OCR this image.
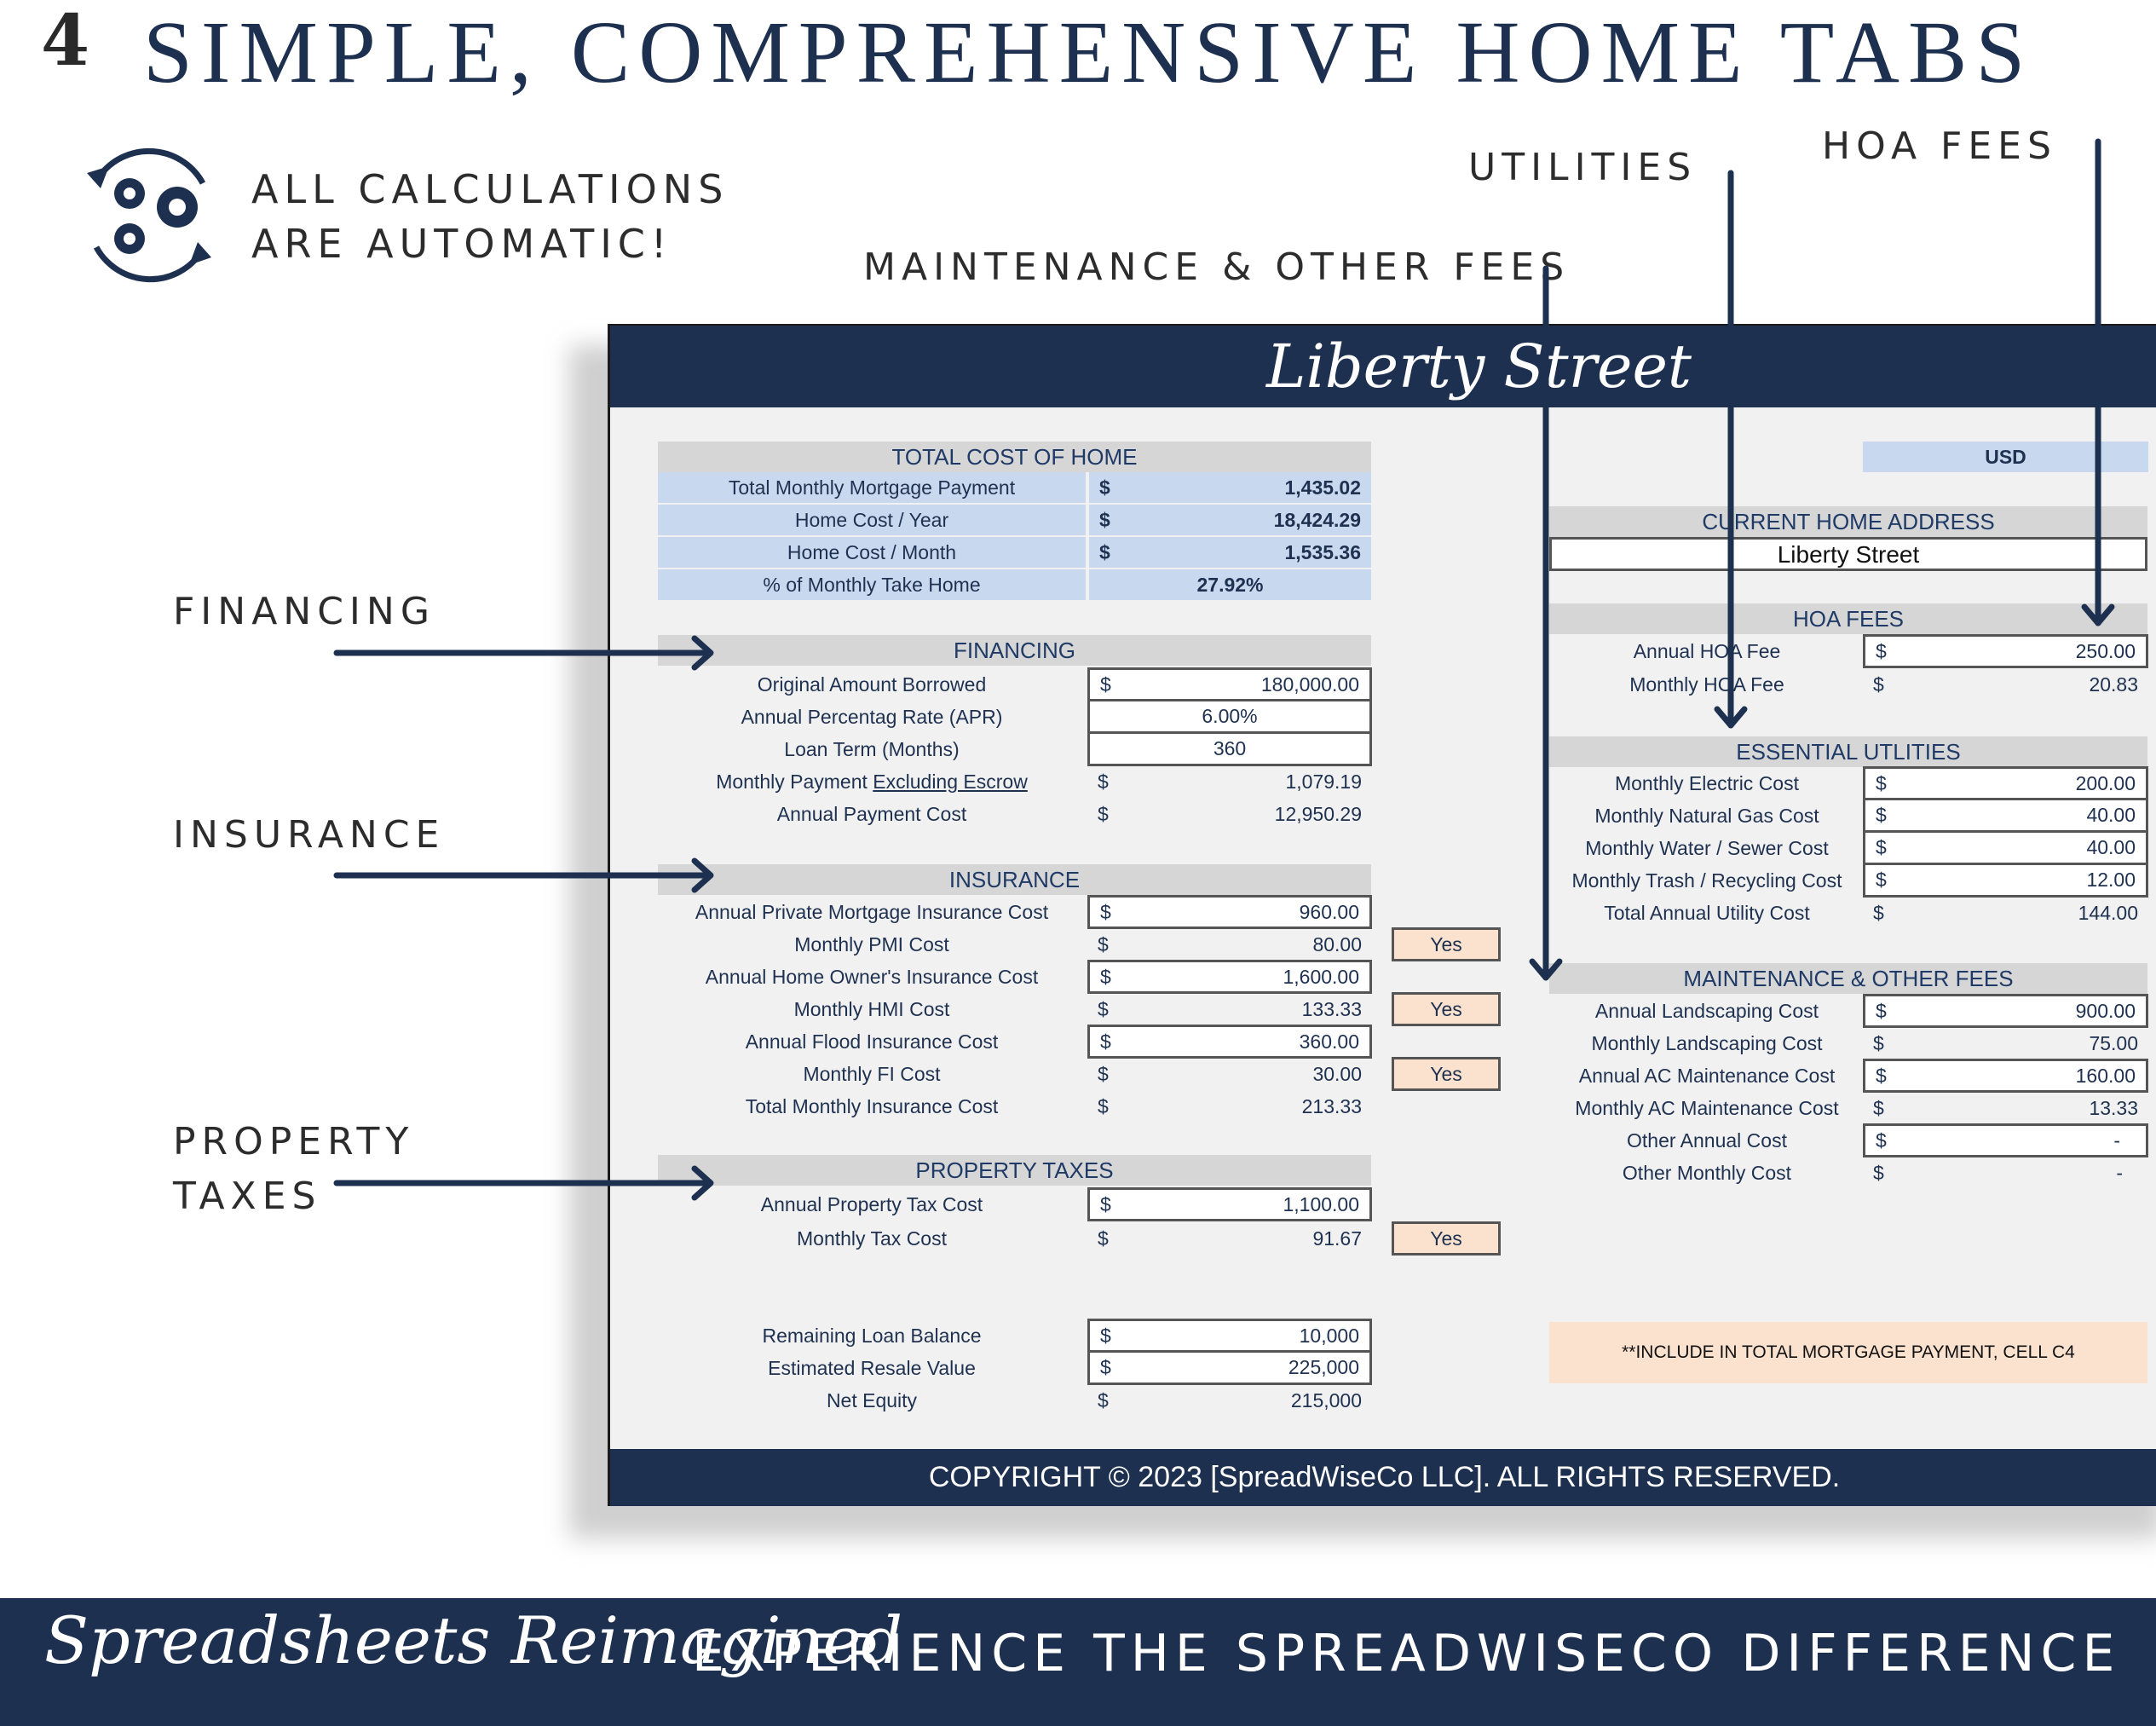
4 SIMPLE, COMPREHENSIVE HOME TABS
ALL CALCULATIONS
ARE AUTOMATIC!
UTILITIES	HOA FEES
MAINTENANCE & OTHER FEES
FINANCING
INSURANCE
PROPERTY
TAXES
Liberty Street
TOTAL COST OF HOME
Total Monthly Mortgage Payment	$	1,435.02
Home Cost / Year	$	18,424.29
Home Cost / Month	$	1,535.36
% of Monthly Take Home	27.92%
FINANCING
Original Amount Borrowed	$	180,000.00
Annual Percentag Rate (APR)	6.00%
Loan Term (Months)	360
Monthly Payment Excluding Escrow	$	1,079.19
Annual Payment Cost	$	12,950.29
INSURANCE
Annual Private Mortgage Insurance Cost	$	960.00
Monthly PMI Cost	$	80.00	Yes
Annual Home Owner's Insurance Cost	$	1,600.00
Monthly HMI Cost	$	133.33	Yes
Annual Flood Insurance Cost	$	360.00
Monthly FI Cost	$	30.00	Yes
Total Monthly Insurance Cost	$	213.33
PROPERTY TAXES
Annual Property Tax Cost	$	1,100.00
Monthly Tax Cost	$	91.67	Yes
Remaining Loan Balance	$	10,000
Estimated Resale Value	$	225,000
Net Equity	$	215,000
USD
CURRENT HOME ADDRESS
Liberty Street
HOA FEES
Annual HOA Fee	$	250.00
Monthly HOA Fee	$	20.83
ESSENTIAL UTLITIES
Monthly Electric Cost	$	200.00
Monthly Natural Gas Cost	$	40.00
Monthly Water / Sewer Cost	$	40.00
Monthly Trash / Recycling Cost	$	12.00
Total Annual Utility Cost	$	144.00
MAINTENANCE & OTHER FEES
Annual Landscaping Cost	$	900.00
Monthly Landscaping Cost	$	75.00
Annual AC Maintenance Cost	$	160.00
Monthly AC Maintenance Cost	$	13.33
Other Annual Cost	$	-
Other Monthly Cost	$	-
**INCLUDE IN TOTAL MORTGAGE PAYMENT, CELL C4
COPYRIGHT © 2023 [SpreadWiseCo LLC]. ALL RIGHTS RESERVED.
Spreadsheets Reimagined
EXPERIENCE THE SPREADWISECO DIFFERENCE
